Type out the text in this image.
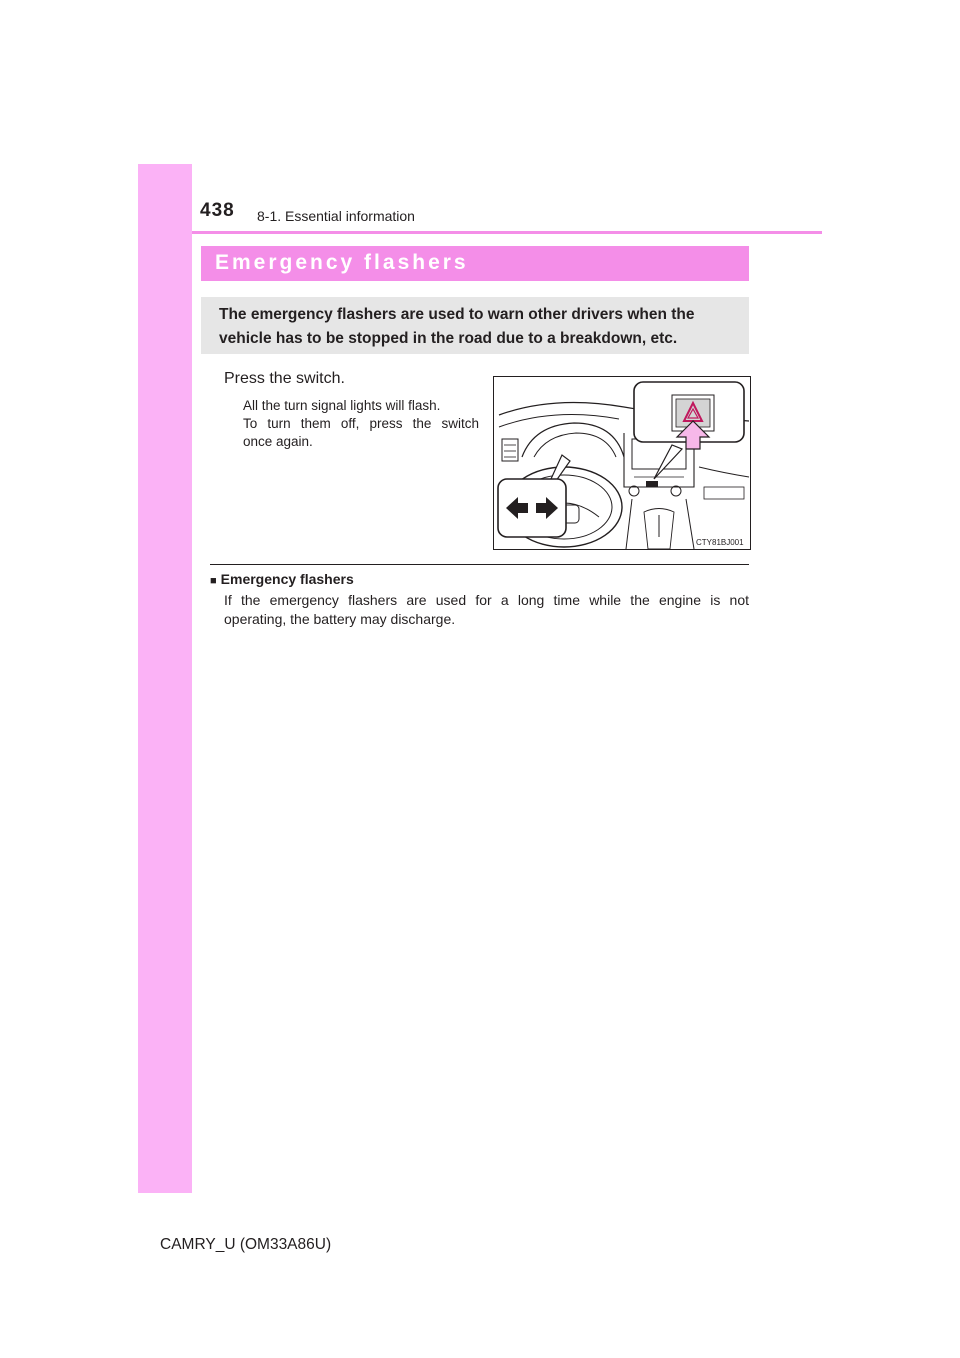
438 8-1. Essential information
Emergency flashers
The emergency flashers are used to warn other drivers when the vehicle has to be stopped in the road due to a breakdown, etc.
Press the switch.
All the turn signal lights will flash.
To turn them off, press the switch
once again.
CTY81BJ001
■ Emergency flashers
If the emergency flashers are used for a long time while the engine is not
operating, the battery may discharge.
CAMRY_U (OM33A86U)
